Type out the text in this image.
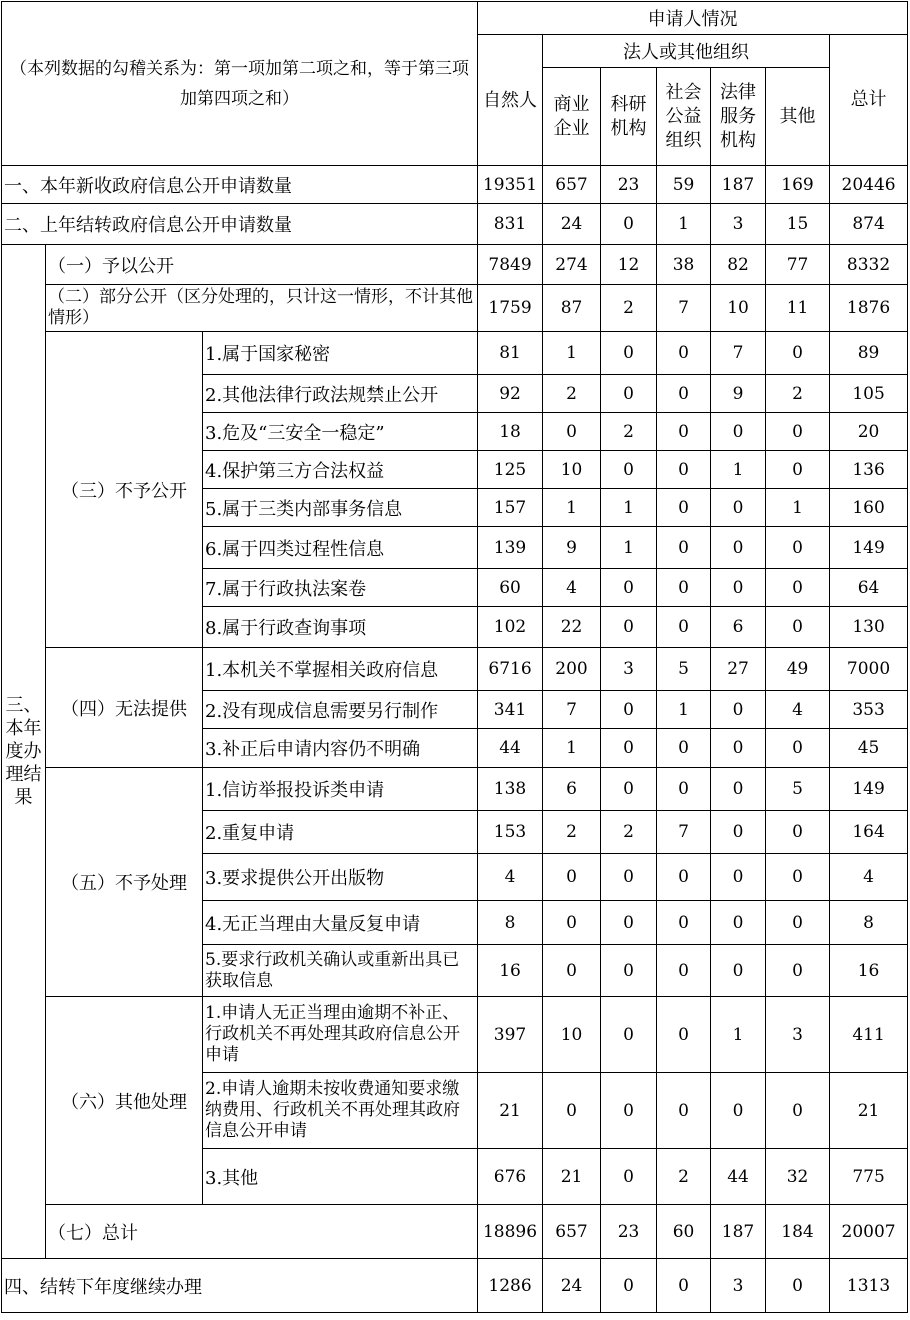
（本列数据的勾稽关系为：第一项加第二项之和，等于第三项加第四项之和）			申请人情况						
			自然人	法人或其他组织					总计
				商业企业	科研机构	社会公益组织	法律服务机构	其他	
一、本年新收政府信息公开申请数量			19351	657	23	59	187	169	20446
二、上年结转政府信息公开申请数量			831	24	0	1	3	15	874
三、本年度办理结果	（一）予以公开		7849	274	12	38	82	77	8332
	（二）部分公开（区分处理的，只计这一情形，不计其他情形）		1759	87	2	7	10	11	1876
	（三）不予公开	1.属于国家秘密	81	1	0	0	7	0	89
		2.其他法律行政法规禁止公开	92	2	0	0	9	2	105
		3.危及“三安全一稳定”	18	0	2	0	0	0	20
		4.保护第三方合法权益	125	10	0	0	1	0	136
		5.属于三类内部事务信息	157	1	1	0	0	1	160
		6.属于四类过程性信息	139	9	1	0	0	0	149
		7.属于行政执法案卷	60	4	0	0	0	0	64
		8.属于行政查询事项	102	22	0	0	6	0	130
	（四）无法提供	1.本机关不掌握相关政府信息	6716	200	3	5	27	49	7000
		2.没有现成信息需要另行制作	341	7	0	1	0	4	353
		3.补正后申请内容仍不明确	44	1	0	0	0	0	45
	（五）不予处理	1.信访举报投诉类申请	138	6	0	0	0	5	149
		2.重复申请	153	2	2	7	0	0	164
		3.要求提供公开出版物	4	0	0	0	0	0	4
		4.无正当理由大量反复申请	8	0	0	0	0	0	8
		5.要求行政机关确认或重新出具已获取信息	16	0	0	0	0	0	16
	（六）其他处理	1.申请人无正当理由逾期不补正、行政机关不再处理其政府信息公开申请	397	10	0	0	1	3	411
		2.申请人逾期未按收费通知要求缴纳费用、行政机关不再处理其政府信息公开申请	21	0	0	0	0	0	21
		3.其他	676	21	0	2	44	32	775
	（七）总计		18896	657	23	60	187	184	20007
四、结转下年度继续办理			1286	24	0	0	3	0	1313
